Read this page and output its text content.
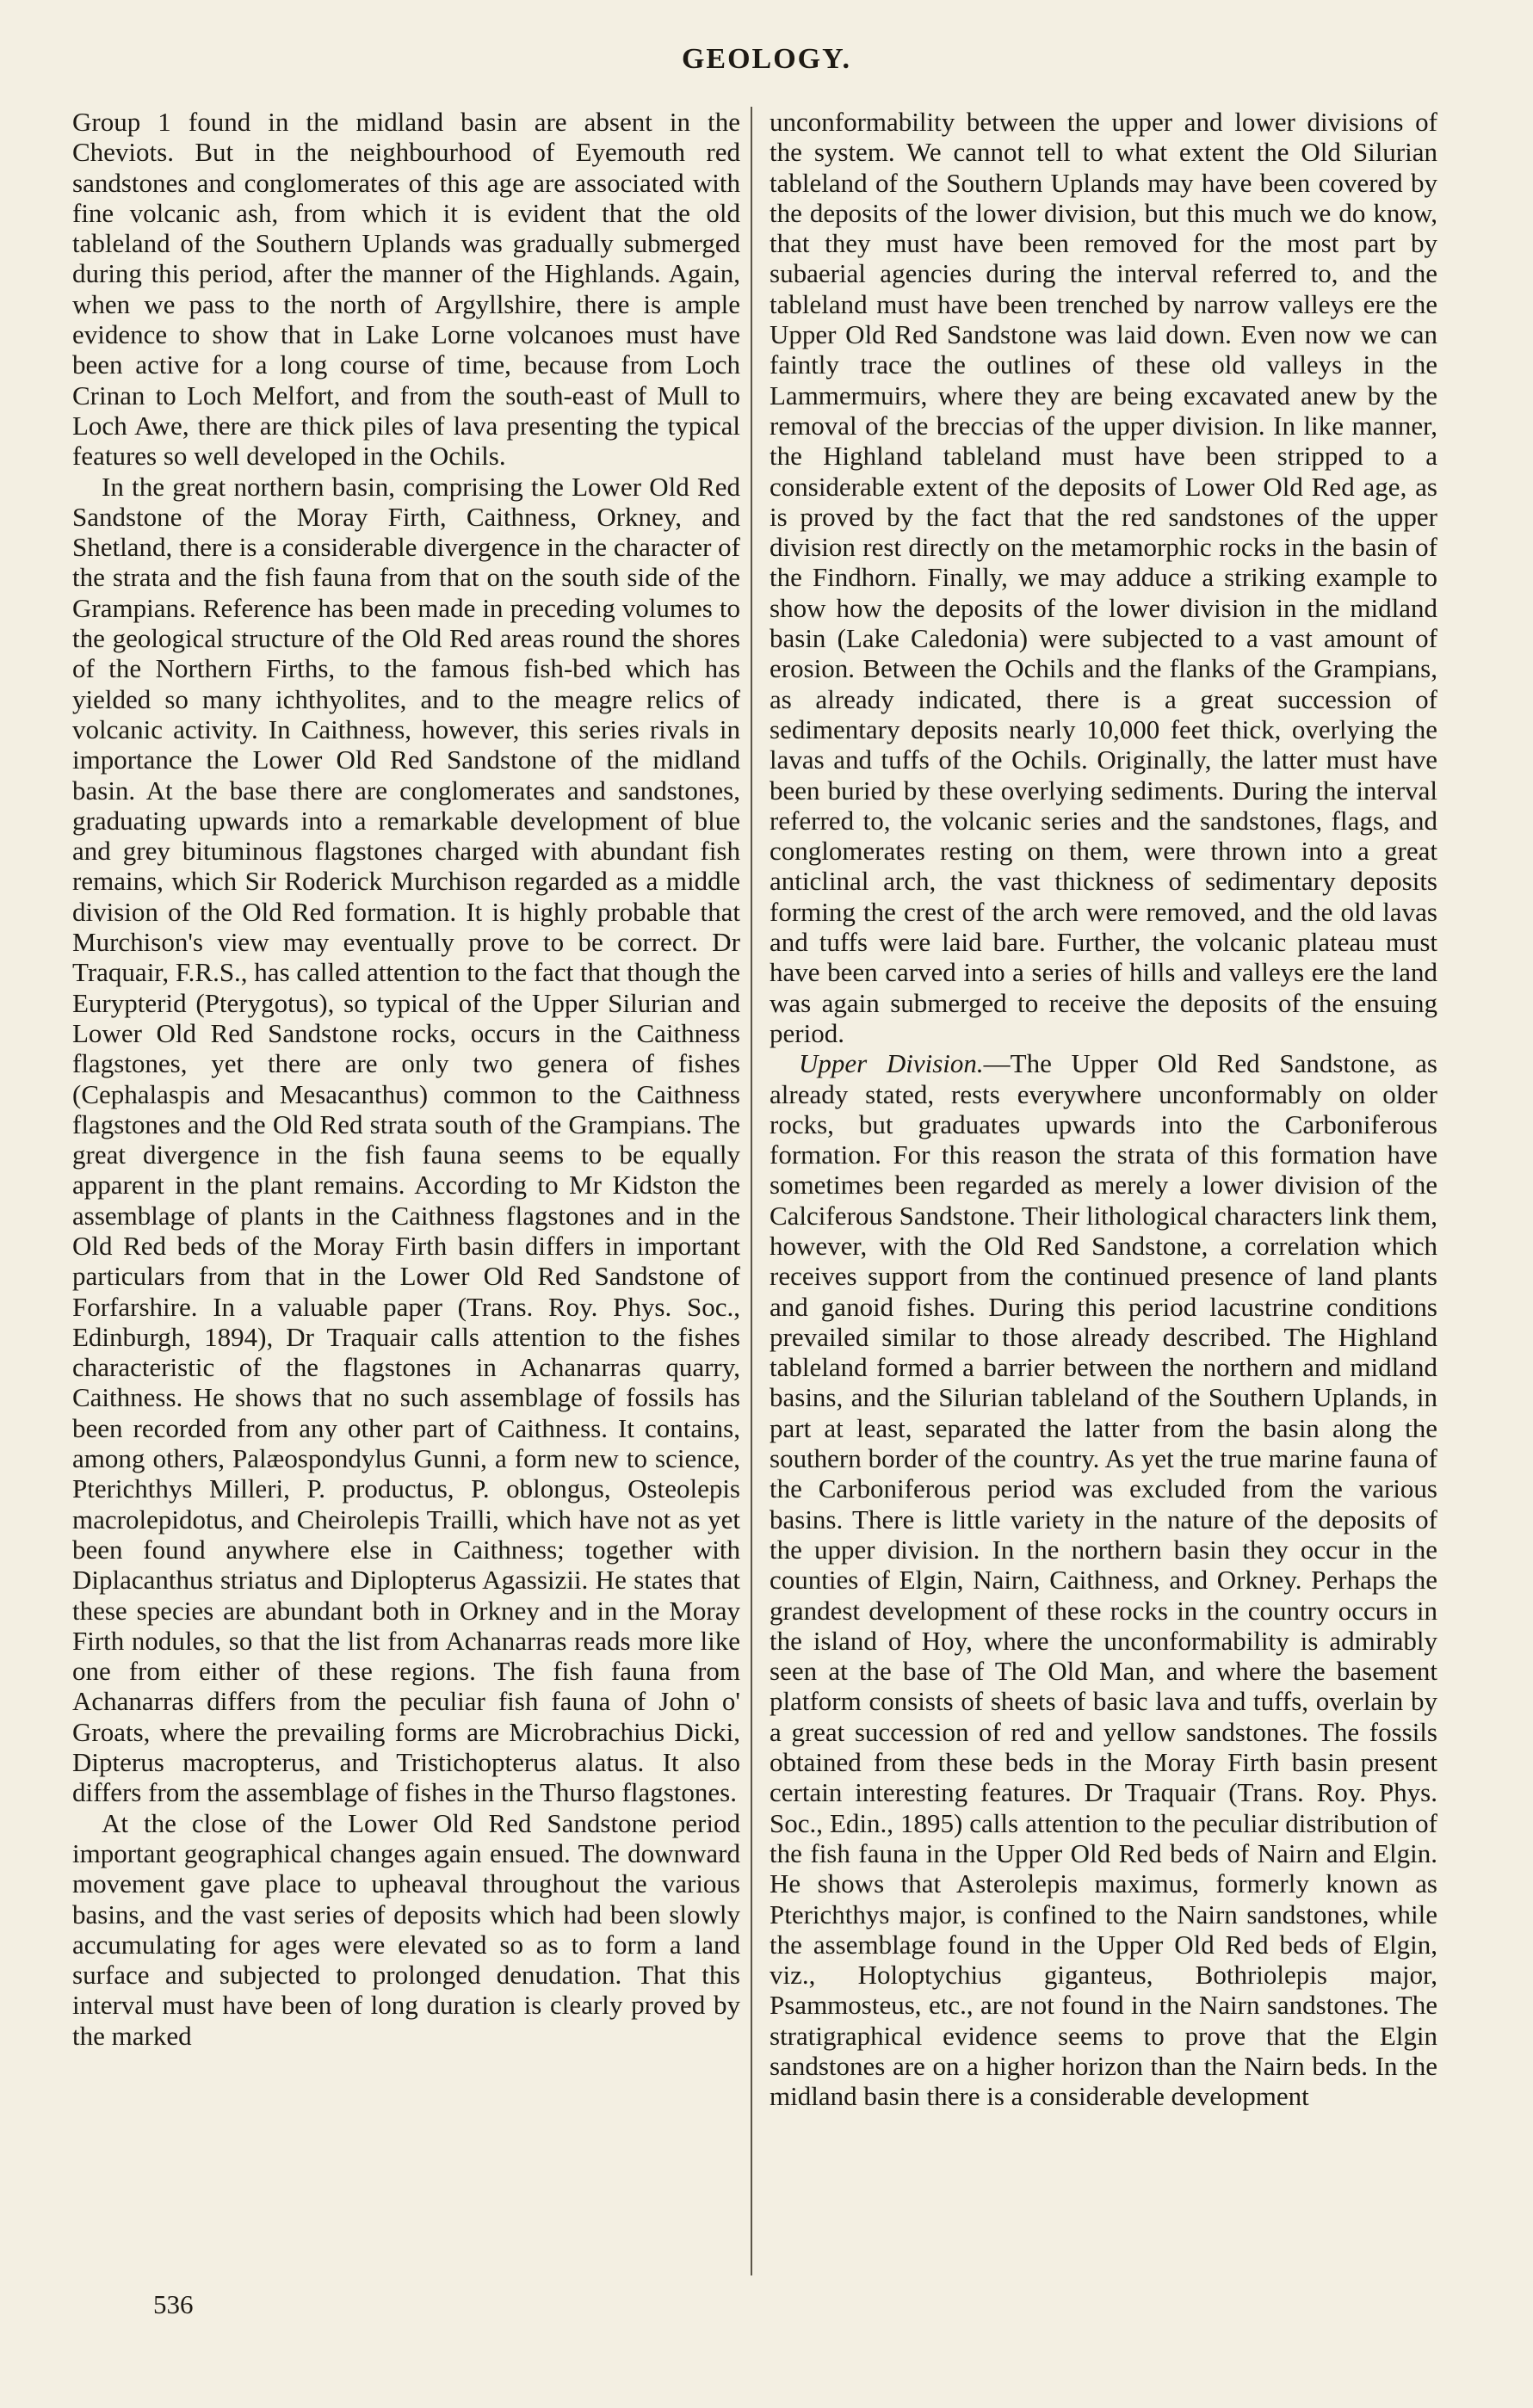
GEOLOGY.

Group 1 found in the midland basin are absent in the Cheviots. But in the neighbourhood of Eyemouth red sandstones and conglomerates of this age are associated with fine volcanic ash, from which it is evident that the old tableland of the Southern Uplands was gradually submerged during this period, after the manner of the Highlands. Again, when we pass to the north of Argyllshire, there is ample evidence to show that in Lake Lorne volcanoes must have been active for a long course of time, because from Loch Crinan to Loch Melfort, and from the south-east of Mull to Loch Awe, there are thick piles of lava presenting the typical features so well developed in the Ochils.

In the great northern basin, comprising the Lower Old Red Sandstone of the Moray Firth, Caithness, Orkney, and Shetland, there is a considerable divergence in the character of the strata and the fish fauna from that on the south side of the Grampians. Reference has been made in preceding volumes to the geological structure of the Old Red areas round the shores of the Northern Firths, to the famous fish-bed which has yielded so many ichthyolites, and to the meagre relics of volcanic activity. In Caithness, however, this series rivals in importance the Lower Old Red Sandstone of the midland basin. At the base there are conglomerates and sandstones, graduating upwards into a remarkable development of blue and grey bituminous flagstones charged with abundant fish remains, which Sir Roderick Murchison regarded as a middle division of the Old Red formation. It is highly probable that Murchison's view may eventually prove to be correct. Dr Traquair, F.R.S., has called attention to the fact that though the Eurypterid (Pterygotus), so typical of the Upper Silurian and Lower Old Red Sandstone rocks, occurs in the Caithness flagstones, yet there are only two genera of fishes (Cephalaspis and Mesacanthus) common to the Caithness flagstones and the Old Red strata south of the Grampians. The great divergence in the fish fauna seems to be equally apparent in the plant remains. According to Mr Kidston the assemblage of plants in the Caithness flagstones and in the Old Red beds of the Moray Firth basin differs in important particulars from that in the Lower Old Red Sandstone of Forfarshire. In a valuable paper (Trans. Roy. Phys. Soc., Edinburgh, 1894), Dr Traquair calls attention to the fishes characteristic of the flagstones in Achanarras quarry, Caithness. He shows that no such assemblage of fossils has been recorded from any other part of Caithness. It contains, among others, Palæospondylus Gunni, a form new to science, Pterichthys Milleri, P. productus, P. oblongus, Osteolepis macrolepidotus, and Cheirolepis Trailli, which have not as yet been found anywhere else in Caithness; together with Diplacanthus striatus and Diplopterus Agassizii. He states that these species are abundant both in Orkney and in the Moray Firth nodules, so that the list from Achanarras reads more like one from either of these regions. The fish fauna from Achanarras differs from the peculiar fish fauna of John o' Groats, where the prevailing forms are Microbrachius Dicki, Dipterus macropterus, and Tristichopterus alatus. It also differs from the assemblage of fishes in the Thurso flagstones.

At the close of the Lower Old Red Sandstone period important geographical changes again ensued. The downward movement gave place to upheaval throughout the various basins, and the vast series of deposits which had been slowly accumulating for ages were elevated so as to form a land surface and subjected to prolonged denudation. That this interval must have been of long duration is clearly proved by the marked

unconformability between the upper and lower divisions of the system. We cannot tell to what extent the Old Silurian tableland of the Southern Uplands may have been covered by the deposits of the lower division, but this much we do know, that they must have been removed for the most part by subaerial agencies during the interval referred to, and the tableland must have been trenched by narrow valleys ere the Upper Old Red Sandstone was laid down. Even now we can faintly trace the outlines of these old valleys in the Lammermuirs, where they are being excavated anew by the removal of the breccias of the upper division. In like manner, the Highland tableland must have been stripped to a considerable extent of the deposits of Lower Old Red age, as is proved by the fact that the red sandstones of the upper division rest directly on the metamorphic rocks in the basin of the Findhorn. Finally, we may adduce a striking example to show how the deposits of the lower division in the midland basin (Lake Caledonia) were subjected to a vast amount of erosion. Between the Ochils and the flanks of the Grampians, as already indicated, there is a great succession of sedimentary deposits nearly 10,000 feet thick, overlying the lavas and tuffs of the Ochils. Originally, the latter must have been buried by these overlying sediments. During the interval referred to, the volcanic series and the sandstones, flags, and conglomerates resting on them, were thrown into a great anticlinal arch, the vast thickness of sedimentary deposits forming the crest of the arch were removed, and the old lavas and tuffs were laid bare. Further, the volcanic plateau must have been carved into a series of hills and valleys ere the land was again submerged to receive the deposits of the ensuing period.

Upper Division.—The Upper Old Red Sandstone, as already stated, rests everywhere unconformably on older rocks, but graduates upwards into the Carboniferous formation. For this reason the strata of this formation have sometimes been regarded as merely a lower division of the Calciferous Sandstone. Their lithological characters link them, however, with the Old Red Sandstone, a correlation which receives support from the continued presence of land plants and ganoid fishes. During this period lacustrine conditions prevailed similar to those already described. The Highland tableland formed a barrier between the northern and midland basins, and the Silurian tableland of the Southern Uplands, in part at least, separated the latter from the basin along the southern border of the country. As yet the true marine fauna of the Carboniferous period was excluded from the various basins. There is little variety in the nature of the deposits of the upper division. In the northern basin they occur in the counties of Elgin, Nairn, Caithness, and Orkney. Perhaps the grandest development of these rocks in the country occurs in the island of Hoy, where the unconformability is admirably seen at the base of The Old Man, and where the basement platform consists of sheets of basic lava and tuffs, overlain by a great succession of red and yellow sandstones. The fossils obtained from these beds in the Moray Firth basin present certain interesting features. Dr Traquair (Trans. Roy. Phys. Soc., Edin., 1895) calls attention to the peculiar distribution of the fish fauna in the Upper Old Red beds of Nairn and Elgin. He shows that Asterolepis maximus, formerly known as Pterichthys major, is confined to the Nairn sandstones, while the assemblage found in the Upper Old Red beds of Elgin, viz., Holoptychius giganteus, Bothriolepis major, Psammosteus, etc., are not found in the Nairn sandstones. The stratigraphical evidence seems to prove that the Elgin sandstones are on a higher horizon than the Nairn beds. In the midland basin there is a considerable development

536
